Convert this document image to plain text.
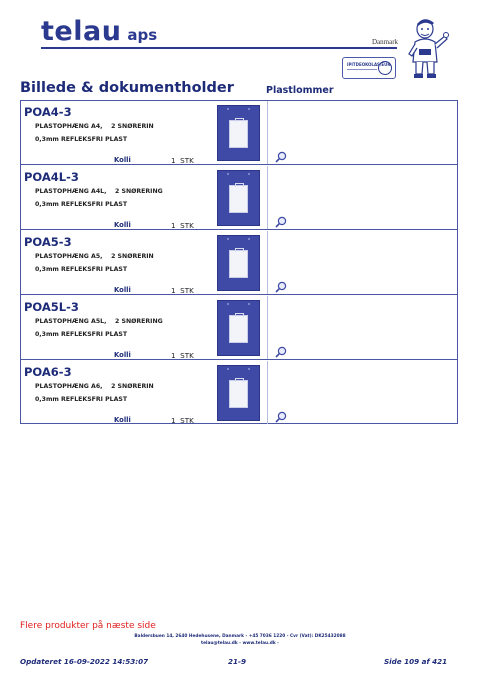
telau aps	Danmark
IPITDEOKOLAS/EUR
Billede & dokumentholder	Plastlommer
POA4-3
PLASTOPHÆNG A4,    2 SNØRERIN
0,3mm REFLEKSFRI PLAST
Kolli	1  STK
POA4L-3
PLASTOPHÆNG A4L,    2 SNØRERING
0,3mm REFLEKSFRI PLAST
Kolli	1  STK
POA5-3
PLASTOPHÆNG A5,    2 SNØRERIN
0,3mm REFLEKSFRI PLAST
Kolli	1  STK
POA5L-3
PLASTOPHÆNG A5L,    2 SNØRERING
0,3mm REFLEKSFRI PLAST
Kolli	1  STK
POA6-3
PLASTOPHÆNG A6,    2 SNØRERIN
0,3mm REFLEKSFRI PLAST
Kolli	1  STK
Flere produkter på næste side
Baldersbuen 14, 2640 Hedehusene, Danmark - +45 7036 1220 - Cvr (Vat): DK25432088
telau@telau.dk - www.telau.dk -
Opdateret 16-09-2022 14:53:07	21-9	Side 109 af 421
